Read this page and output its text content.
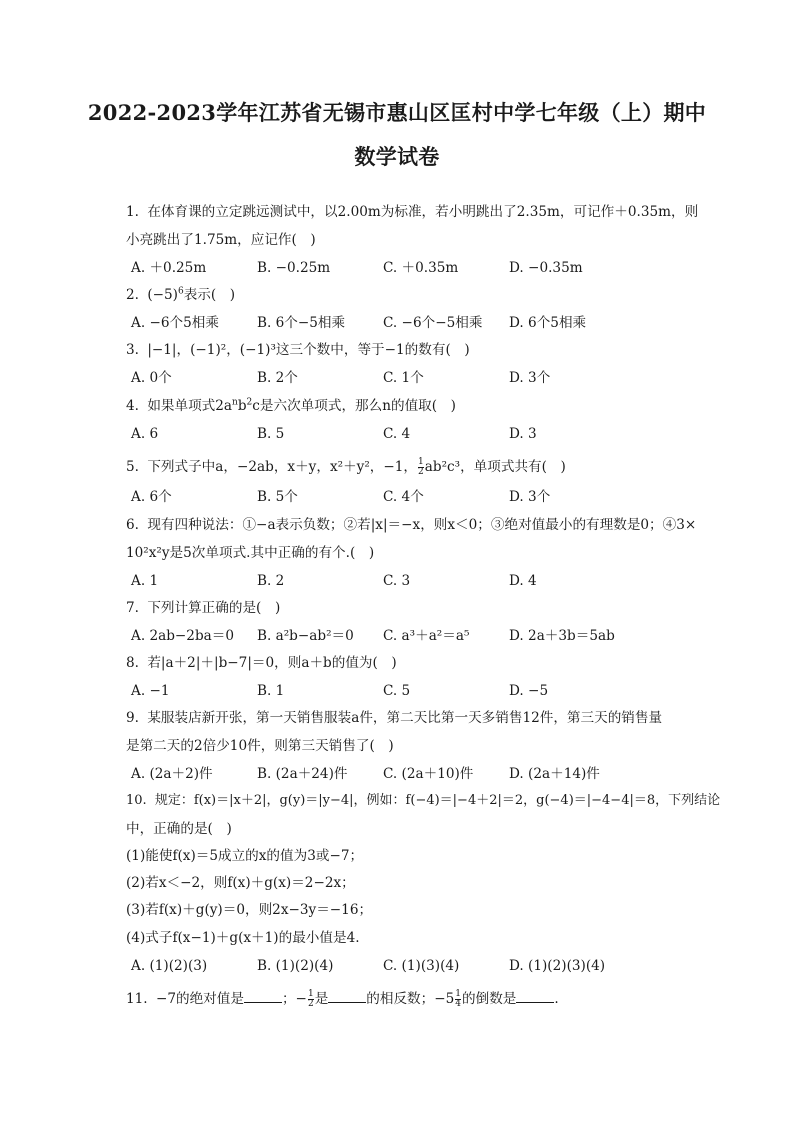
2022-2023学年江苏省无锡市惠山区匡村中学七年级（上）期中
数学试卷
1. 在体育课的立定跳远测试中，以2.00m为标准，若小明跳出了2.35m，可记作＋0.35m，则
小亮跳出了1.75m，应记作(　)
A. ＋0.25m	B. −0.25m	C. ＋0.35m	D. −0.35m
2. $(-5)^6$表示(　)
A. −6个5相乘	B. 6个−5相乘	C. −6个−5相乘 D. 6个5相乘
3. |−1|，(−1)²，(−1)³这三个数中，等于−1的数有(　)
A. 0个	B. 2个	C. 1个	D. 3个
4. 如果单项式$2a^nb^2c$是六次单项式，那么n的值取(　)
A. 6	B. 5	C. 4	D. 3
5. 下列式子中a，−2ab，x＋y，x²＋y²，−1， $\frac{1}{2} ab^2c^3$，单项式共有(　)
A. 6个	B. 5个	C. 4个	D. 3个
6. 现有四种说法：①−a表示负数；②若|x|＝−x，则x＜0；③绝对值最小的有理数是0；④3×
10²x²y是5次单项式.其中正确的有个.(　)
A. 1	B. 2	C. 3	D. 4
7. 下列计算正确的是(　)
A. 2ab−2ba＝0 B. a²b−ab²＝0 C. a³＋a²＝a⁵	D. 2a＋3b＝5ab
8. 若|a＋2|＋|b−7|＝0，则a＋b的值为(　)
A. −1	B. 1	C. 5	D. −5
9. 某服装店新开张，第一天销售服装a件，第二天比第一天多销售12件，第三天的销售量
是第二天的2倍少10件，则第三天销售了(　)
A. (2a＋2)件	B. (2a＋24)件	C. (2a＋10)件	D. (2a＋14)件
10. 规定：f(x)＝|x＋2|，g(y)＝|y−4|，例如：f(−4)＝|−4＋2|＝2，g(−4)＝|−4−4|＝8，下列结论
中，正确的是(　)
(1)能使f(x)＝5成立的x的值为3或−7；
(2)若x＜−2，则f(x)＋g(x)＝2−2x；
(3)若f(x)＋g(y)＝0，则2x−3y＝−16；
(4)式子f(x−1)＋g(x＋1)的最小值是4.
A. (1)(2)(3)	B. (1)(2)(4)	C. (1)(3)(4)	D. (1)(2)(3)(4)
11. −7的绝对值是	；− $\frac{1}{2}$ 是	的相反数；$-5 \frac{1}{4}$ 的倒数是	.
